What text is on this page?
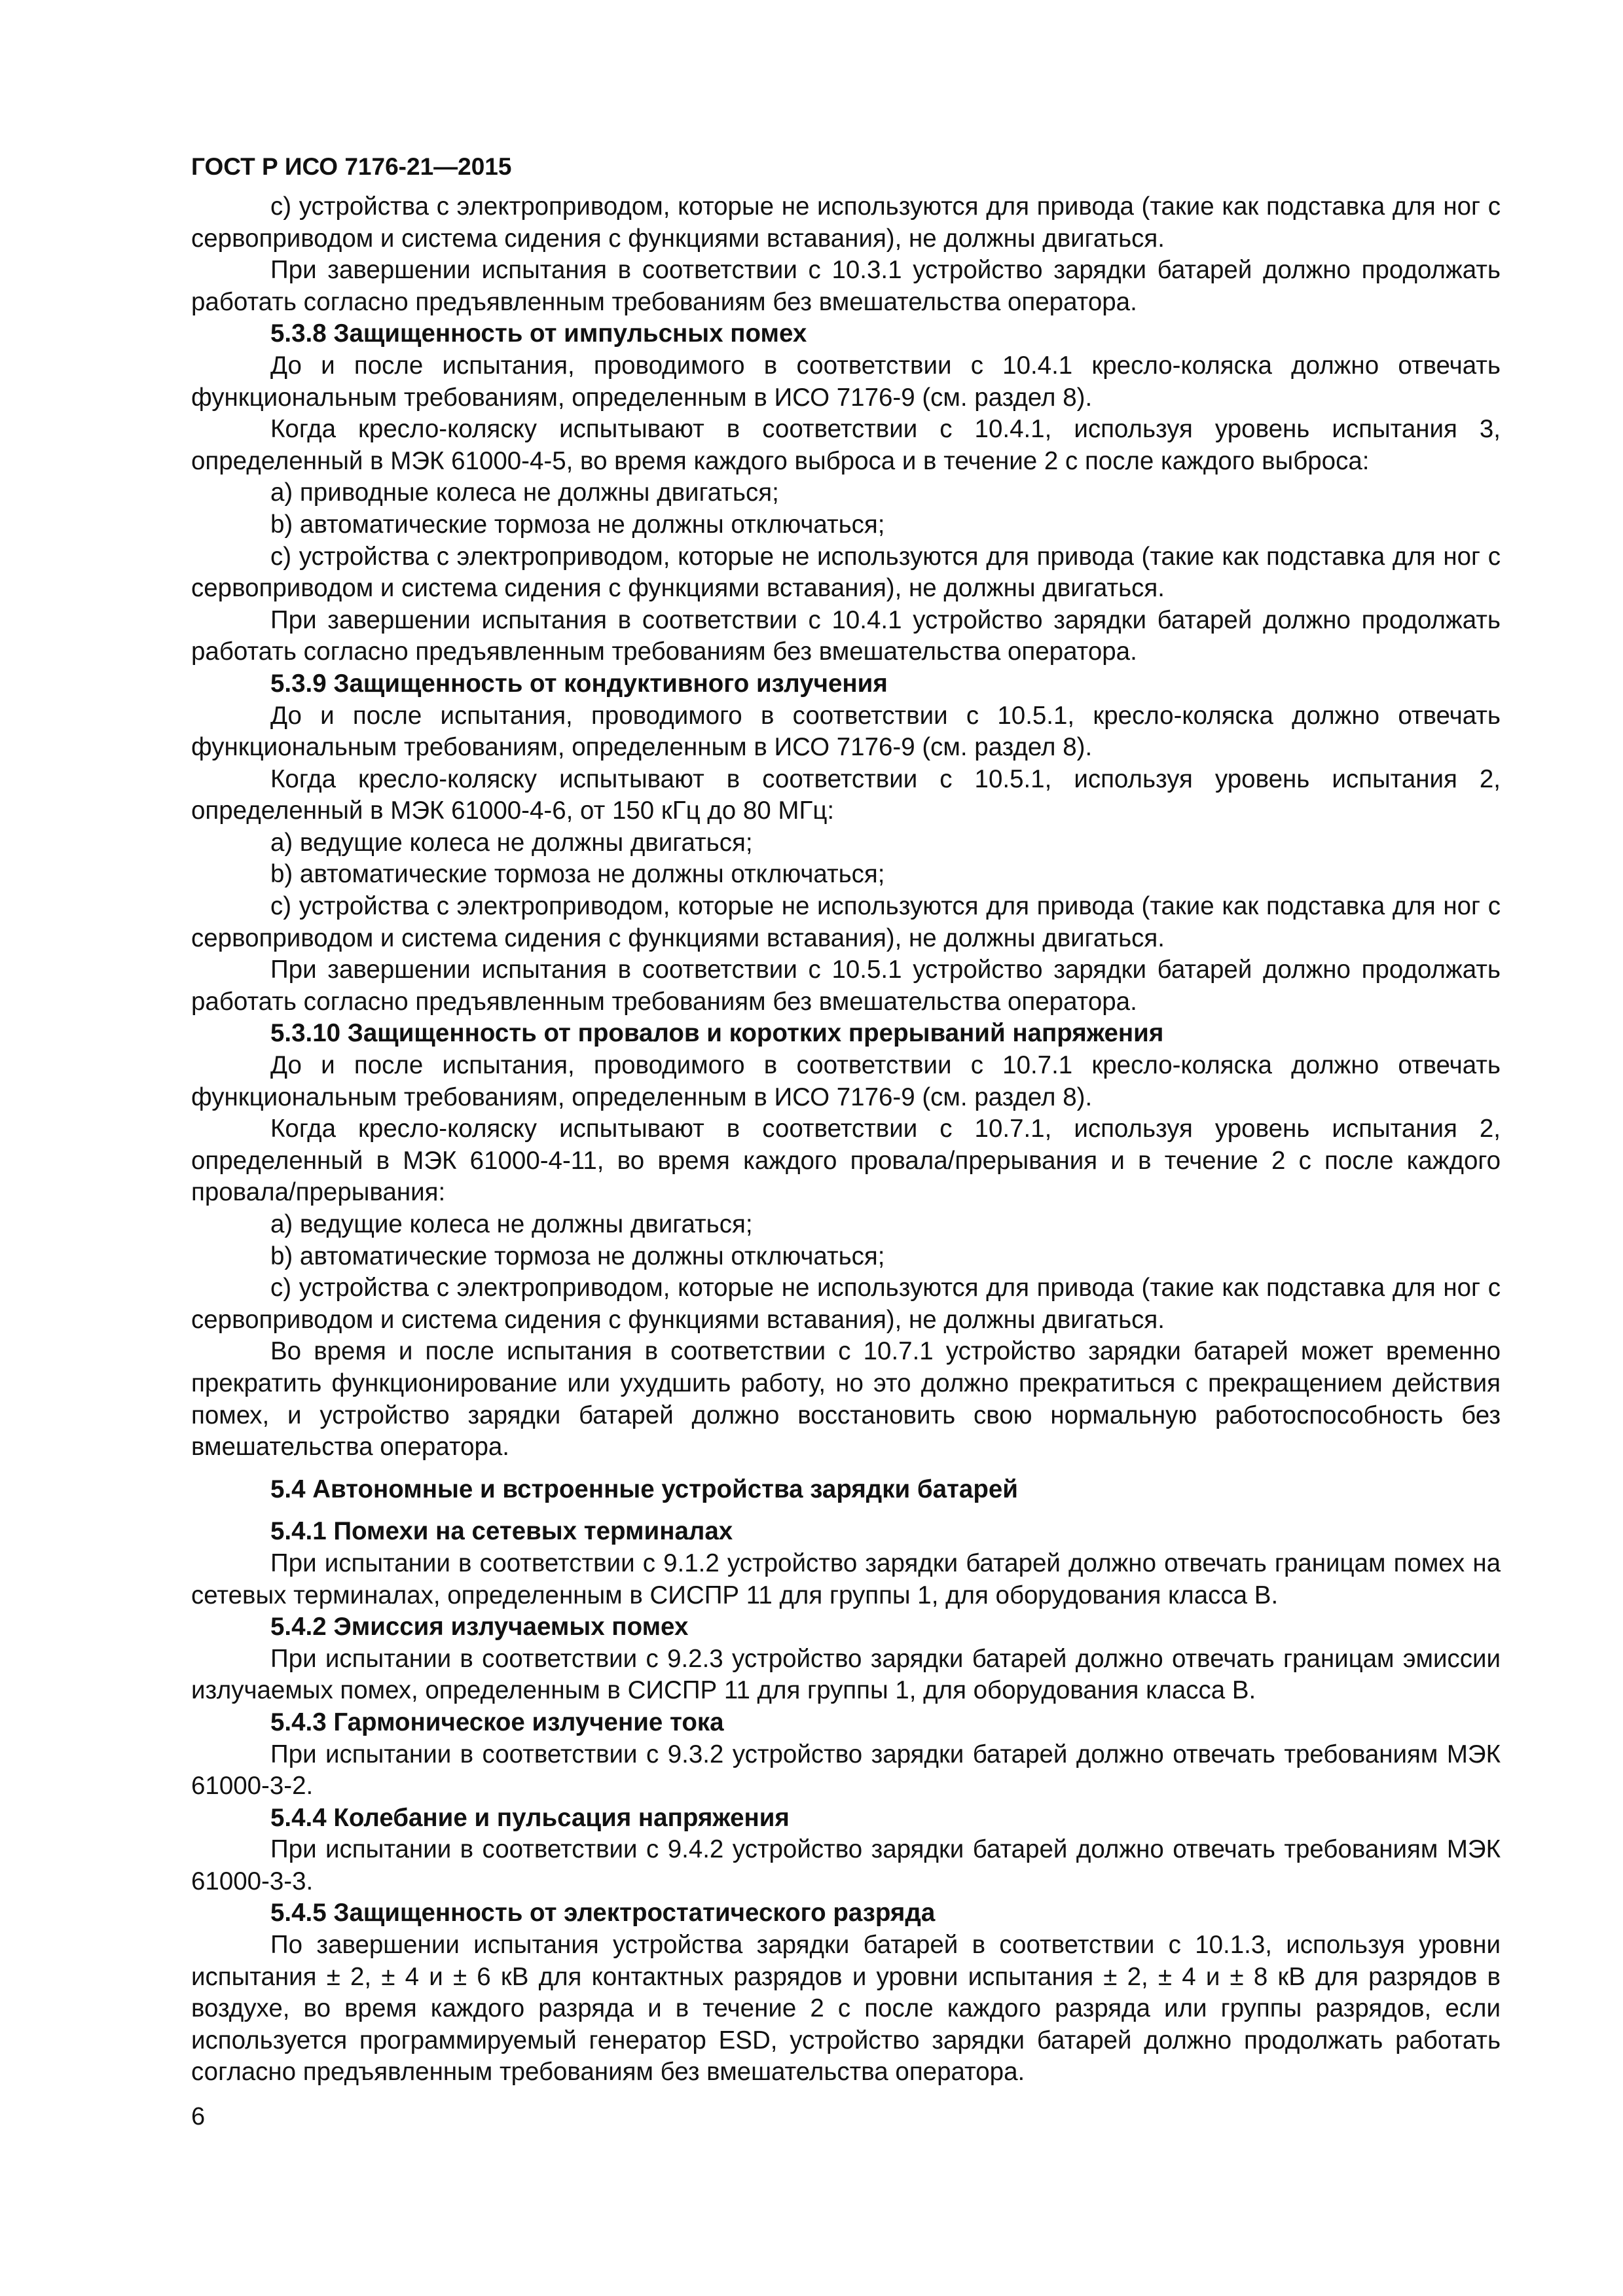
ГОСТ Р ИСО 7176-21—2015

c) устройства с электроприводом, которые не используются для привода (такие как подставка для ног с сервоприводом и система сидения с функциями вставания), не должны двигаться.

При завершении испытания в соответствии с 10.3.1 устройство зарядки батарей должно продолжать работать согласно предъявленным требованиям без вмешательства оператора.

5.3.8 Защищенность от импульсных помех

До и после испытания, проводимого в соответствии с 10.4.1 кресло-коляска должно отвечать функциональным требованиям, определенным в ИСО 7176-9 (см. раздел 8).

Когда кресло-коляску испытывают в соответствии с 10.4.1, используя уровень испытания 3, определенный в МЭК 61000-4-5, во время каждого выброса и в течение 2 с после каждого выброса:

a) приводные колеса не должны двигаться;

b) автоматические тормоза не должны отключаться;

c) устройства с электроприводом, которые не используются для привода (такие как подставка для ног с сервоприводом и система сидения с функциями вставания), не должны двигаться.

При завершении испытания в соответствии с 10.4.1 устройство зарядки батарей должно продолжать работать согласно предъявленным требованиям без вмешательства оператора.

5.3.9 Защищенность от кондуктивного излучения

До и после испытания, проводимого в соответствии с 10.5.1, кресло-коляска должно отвечать функциональным требованиям, определенным в ИСО 7176-9 (см. раздел 8).

Когда кресло-коляску испытывают в соответствии с 10.5.1, используя уровень испытания 2, определенный в МЭК 61000-4-6, от 150 кГц до 80 МГц:

a) ведущие колеса не должны двигаться;

b) автоматические тормоза не должны отключаться;

c) устройства с электроприводом, которые не используются для привода (такие как подставка для ног с сервоприводом и система сидения с функциями вставания), не должны двигаться.

При завершении испытания в соответствии с 10.5.1 устройство зарядки батарей должно продолжать работать согласно предъявленным требованиям без вмешательства оператора.

5.3.10 Защищенность от провалов и коротких прерываний напряжения

До и после испытания, проводимого в соответствии с 10.7.1 кресло-коляска должно отвечать функциональным требованиям, определенным в ИСО 7176-9 (см. раздел 8).

Когда кресло-коляску испытывают в соответствии с 10.7.1, используя уровень испытания 2, определенный в МЭК 61000-4-11, во время каждого провала/прерывания и в течение 2 с после каждого провала/прерывания:

a) ведущие колеса не должны двигаться;

b) автоматические тормоза не должны отключаться;

c) устройства с электроприводом, которые не используются для привода (такие как подставка для ног с сервоприводом и система сидения с функциями вставания), не должны двигаться.

Во время и после испытания в соответствии с 10.7.1 устройство зарядки батарей может временно прекратить функционирование или ухудшить работу, но это должно прекратиться с прекращением действия помех, и устройство зарядки батарей должно восстановить свою нормальную работоспособность без вмешательства оператора.

5.4 Автономные и встроенные устройства зарядки батарей
5.4.1 Помехи на сетевых терминалах

При испытании в соответствии с 9.1.2 устройство зарядки батарей должно отвечать границам помех на сетевых терминалах, определенным в СИСПР 11 для группы 1, для оборудования класса В.

5.4.2 Эмиссия излучаемых помех

При испытании в соответствии с 9.2.3 устройство зарядки батарей должно отвечать границам эмиссии излучаемых помех, определенным в СИСПР 11 для группы 1, для оборудования класса В.

5.4.3 Гармоническое излучение тока

При испытании в соответствии с 9.3.2 устройство зарядки батарей должно отвечать требованиям МЭК 61000-3-2.

5.4.4 Колебание и пульсация напряжения

При испытании в соответствии с 9.4.2 устройство зарядки батарей должно отвечать требованиям МЭК 61000-3-3.

5.4.5 Защищенность от электростатического разряда

По завершении испытания устройства зарядки батарей в соответствии с 10.1.3, используя уровни испытания ± 2, ± 4 и ± 6 кВ для контактных разрядов и уровни испытания ± 2, ± 4 и ± 8 кВ для разрядов в воздухе, во время каждого разряда и в течение 2 с после каждого разряда или группы разрядов, если используется программируемый генератор ESD, устройство зарядки батарей должно продолжать работать согласно предъявленным требованиям без вмешательства оператора.

6
